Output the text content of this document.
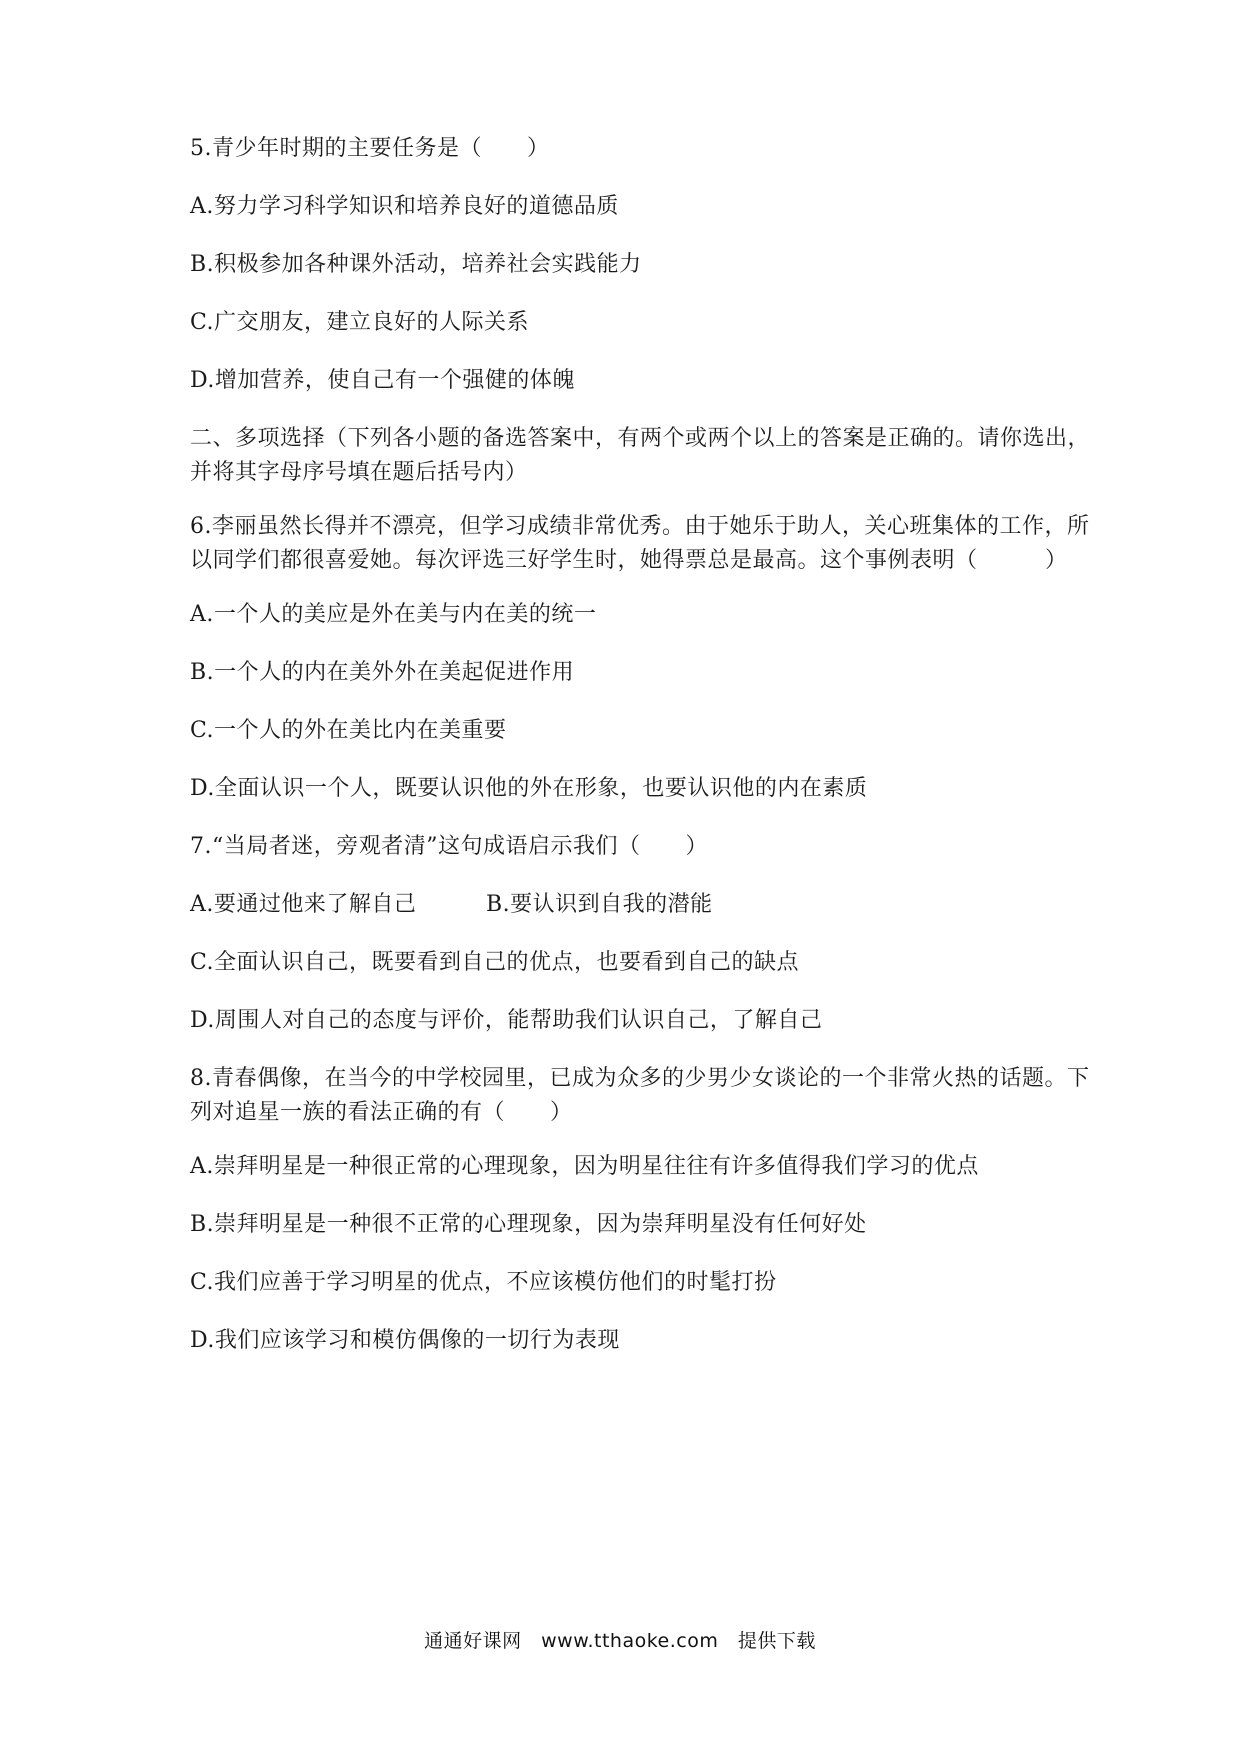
5.青少年时期的主要任务是（　　）
A.努力学习科学知识和培养良好的道德品质
B.积极参加各种课外活动，培养社会实践能力
C.广交朋友，建立良好的人际关系
D.增加营养，使自己有一个强健的体魄
二、多项选择（下列各小题的备选答案中，有两个或两个以上的答案是正确的。请你选出，
并将其字母序号填在题后括号内）
6.李丽虽然长得并不漂亮，但学习成绩非常优秀。由于她乐于助人，关心班集体的工作，所
以同学们都很喜爱她。每次评选三好学生时，她得票总是最高。这个事例表明（　　　）
A.一个人的美应是外在美与内在美的统一
B.一个人的内在美外外在美起促进作用
C.一个人的外在美比内在美重要
D.全面认识一个人，既要认识他的外在形象，也要认识他的内在素质
7.“当局者迷，旁观者清”这句成语启示我们（　　）
A.要通过他来了解自己	B.要认识到自我的潜能
C.全面认识自己，既要看到自己的优点，也要看到自己的缺点
D.周围人对自己的态度与评价，能帮助我们认识自己，了解自己
8.青春偶像，在当今的中学校园里，已成为众多的少男少女谈论的一个非常火热的话题。下
列对追星一族的看法正确的有（　　）
A.崇拜明星是一种很正常的心理现象，因为明星往往有许多值得我们学习的优点
B.崇拜明星是一种很不正常的心理现象，因为崇拜明星没有任何好处
C.我们应善于学习明星的优点，不应该模仿他们的时髦打扮
D.我们应该学习和模仿偶像的一切行为表现
通通好课网　www.tthaoke.com　提供下载
